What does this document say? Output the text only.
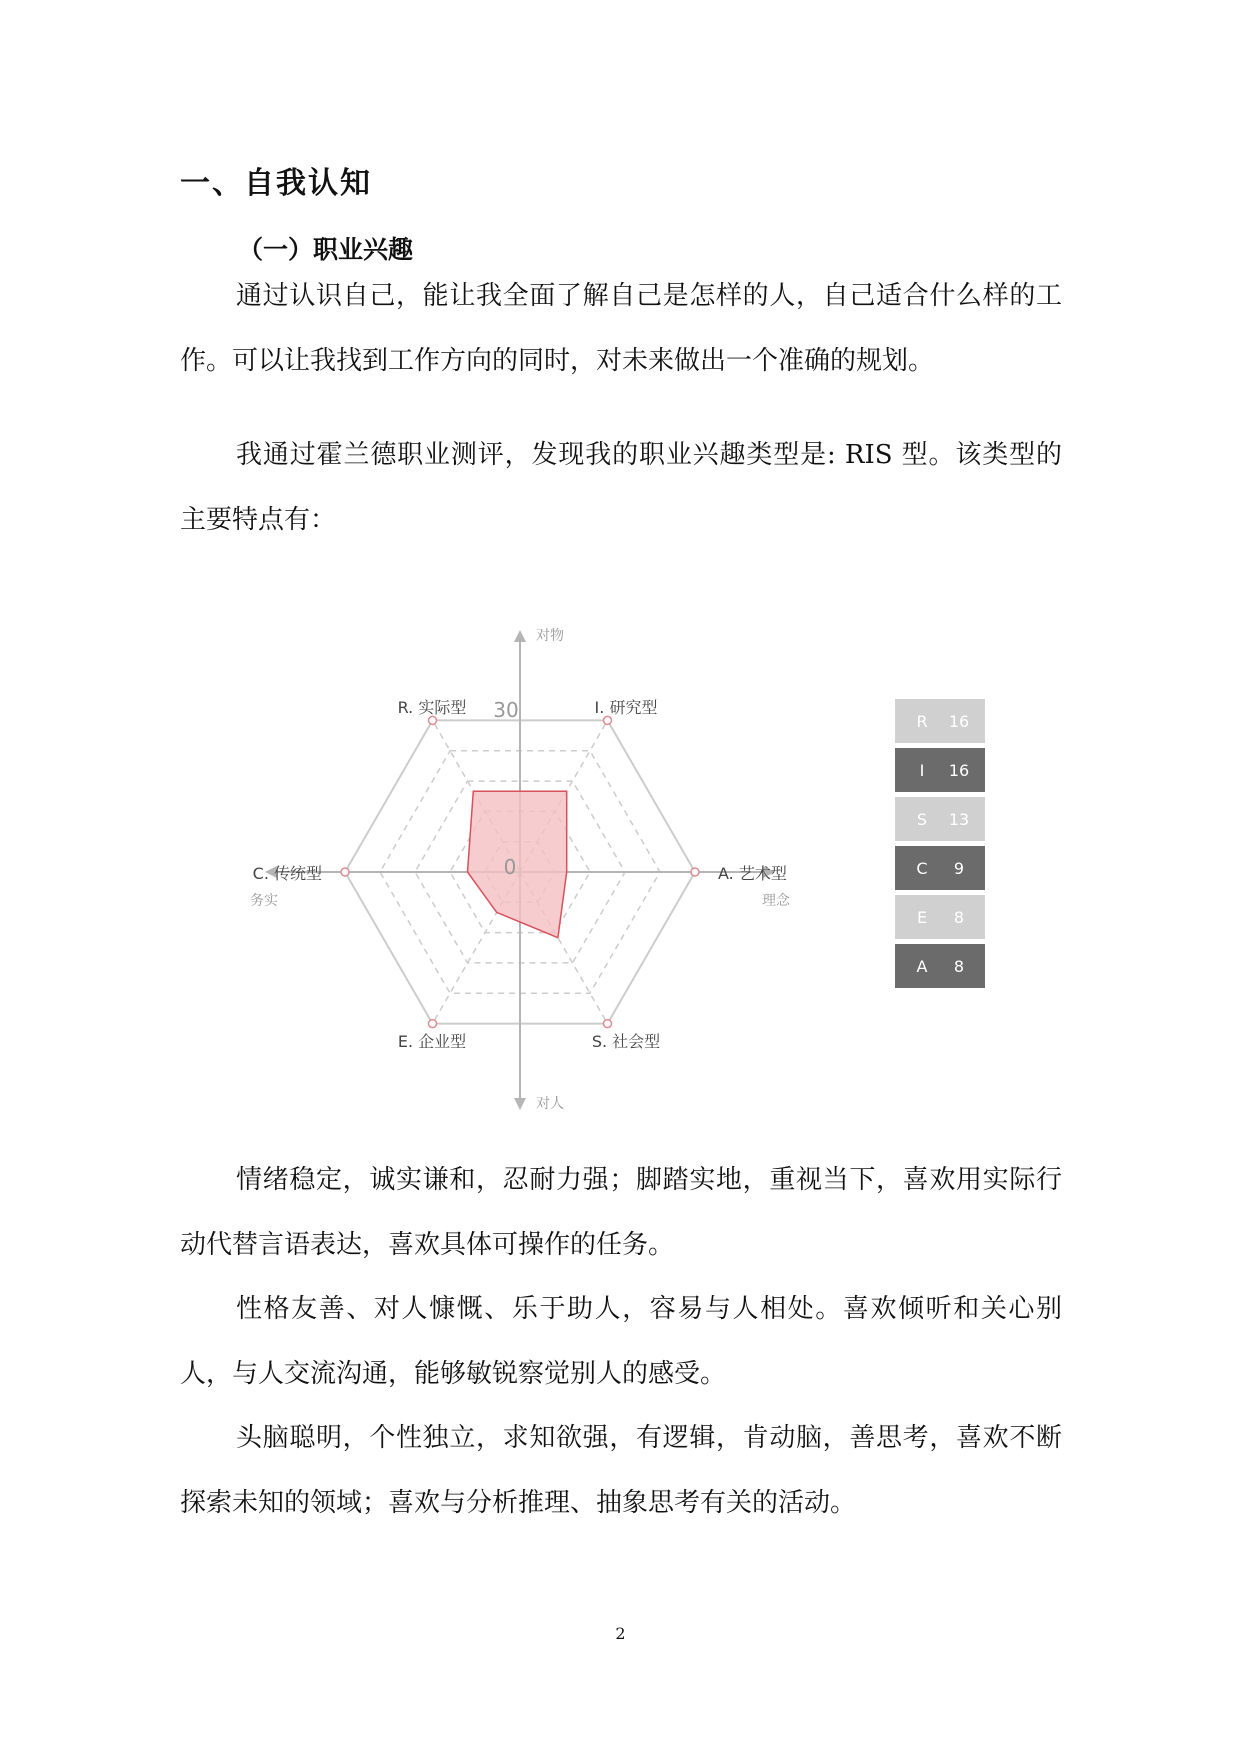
一、自我认知
（一）职业兴趣

通过认识自己，能让我全面了解自己是怎样的人，自己适合什么样的工作。可以让我找到工作方向的同时，对未来做出一个准确的规划。

我通过霍兰德职业测评，发现我的职业兴趣类型是: RIS 型。该类型的主要特点有：

30
0
R. 实际型	I. 研究型
A. 艺术型
S. 社会型
E. 企业型
C. 传统型
对物
对人
务实	理念
R 16
I 16
S 13
C 9
E 8
A 8

情绪稳定，诚实谦和，忍耐力强；脚踏实地，重视当下，喜欢用实际行动代替言语表达，喜欢具体可操作的任务。

性格友善、对人慷慨、乐于助人，容易与人相处。喜欢倾听和关心别人，与人交流沟通，能够敏锐察觉别人的感受。

头脑聪明，个性独立，求知欲强，有逻辑，肯动脑，善思考，喜欢不断探索未知的领域；喜欢与分析推理、抽象思考有关的活动。

2
